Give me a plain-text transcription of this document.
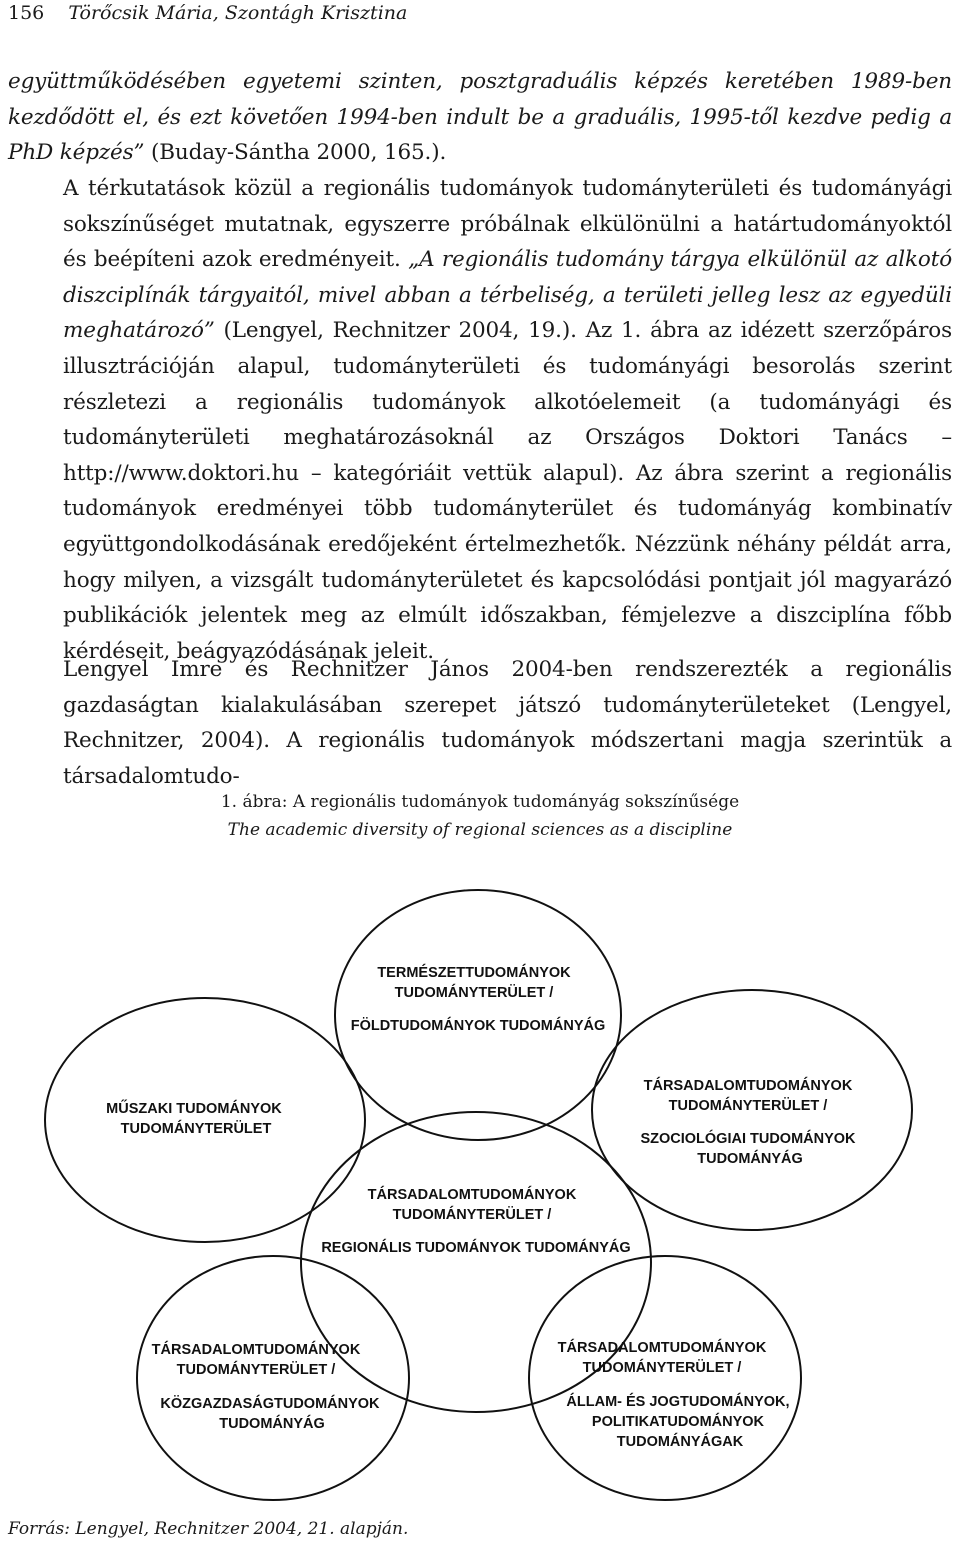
156 Törőcsik Mária, Szontágh Krisztina

együttműködésében egyetemi szinten, posztgraduális képzés keretében 1989-ben kezdődött el, és ezt követően 1994-ben indult be a graduális, 1995-től kezdve pedig a PhD képzés” (Buday-Sántha 2000, 165.).

A térkutatások közül a regionális tudományok tudományterületi és tudományági sokszínűséget mutatnak, egyszerre próbálnak elkülönülni a határtudományoktól és beépíteni azok eredményeit. „A regionális tudomány tárgya elkülönül az alkotó diszciplínák tárgyaitól, mivel abban a térbeliség, a területi jelleg lesz az egyedüli meghatározó” (Lengyel, Rechnitzer 2004, 19.). Az 1. ábra az idézett szerzőpáros illusztrációján alapul, tudományterületi és tudományági besorolás szerint részletezi a regionális tudományok alkotóelemeit (a tudományági és tudományterületi meghatározásoknál az Országos Doktori Tanács – http://www.doktori.hu – kategóriáit vettük alapul). Az ábra szerint a regionális tudományok eredményei több tudományterület és tudományág kombinatív együttgondolkodásának eredőjeként értelmezhetők. Nézzünk néhány példát arra, hogy milyen, a vizsgált tudományterületet és kapcsolódási pontjait jól magyarázó publikációk jelentek meg az elmúlt időszakban, fémjelezve a diszciplína főbb kérdéseit, beágyazódásának jeleit.

Lengyel Imre és Rechnitzer János 2004-ben rendszerezték a regionális gazdaságtan kialakulásában szerepet játszó tudományterületeket (Lengyel, Rechnitzer, 2004). A regionális tudományok módszertani magja szerintük a társadalomtudo-

1. ábra: A regionális tudományok tudományág sokszínűsége
The academic diversity of regional sciences as a discipline
TERMÉSZETTUDOMÁNYOK TUDOMÁNYTERÜLET / FÖLDTUDOMÁNYOK TUDOMÁNYÁG
MŰSZAKI TUDOMÁNYOK TUDOMÁNYTERÜLET
TÁRSADALOMTUDOMÁNYOK TUDOMÁNYTERÜLET / SZOCIOLÓGIAI TUDOMÁNYOK TUDOMÁNYÁG
TÁRSADALOMTUDOMÁNYOK TUDOMÁNYTERÜLET / REGIONÁLIS TUDOMÁNYOK TUDOMÁNYÁG
TÁRSADALOMTUDOMÁNYOK TUDOMÁNYTERÜLET / KÖZGAZDASÁGTUDOMÁNYOK TUDOMÁNYÁG
TÁRSADALOMTUDOMÁNYOK TUDOMÁNYTERÜLET / ÁLLAM- ÉS JOGTUDOMÁNYOK, POLITIKATUDOMÁNYOK TUDOMÁNYÁGAK
Forrás: Lengyel, Rechnitzer 2004, 21. alapján.
